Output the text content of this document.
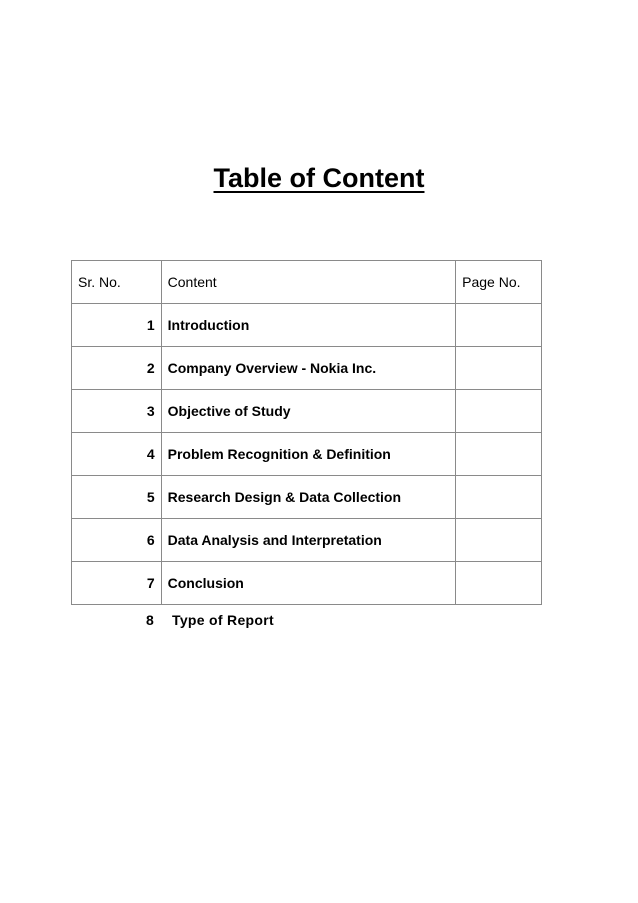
Table of Content
Sr. No.	Content	Page No.
1	Introduction	
2	Company Overview - Nokia Inc.	
3	Objective of Study	
4	Problem Recognition & Definition	
5	Research Design & Data Collection	
6	Data Analysis and Interpretation	
7	Conclusion	
8 Type of Report
